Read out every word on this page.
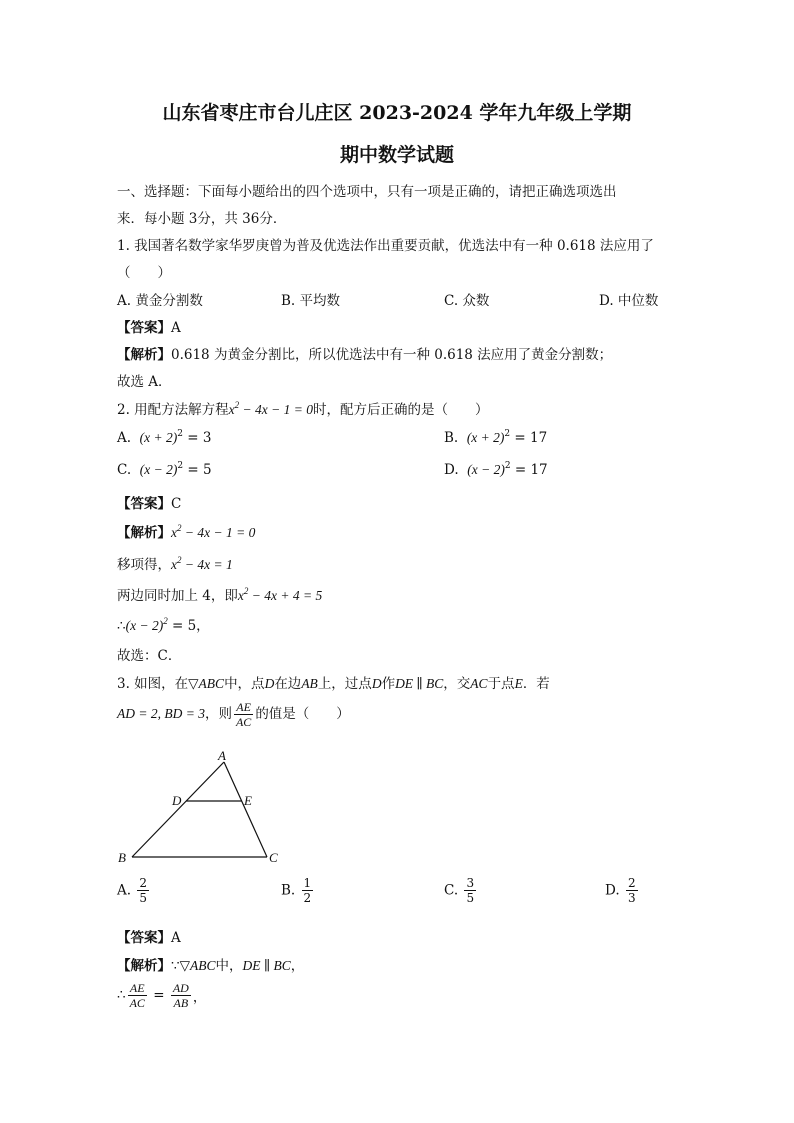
山东省枣庄市台儿庄区 2023-2024 学年九年级上学期
期中数学试题
一、选择题：下面每小题给出的四个选项中，只有一项是正确的，请把正确选项选出
来．每小题 3分，共 36分．
1. 我国著名数学家华罗庚曾为普及优选法作出重要贡献，优选法中有一种 0.618 法应用了
（　　）
A. 黄金分割数	B. 平均数	C. 众数	D. 中位数
【答案】A
【解析】0.618 为黄金分割比，所以优选法中有一种 0.618 法应用了黄金分割数；
故选 A．
2. 用配方法解方程$x^2 - 4x - 1 = 0$时，配方后正确的是（　　）
A. $(x + 2)^2 = 3$	B. $(x + 2)^2 = 17$
C. $(x - 2)^2 = 5$	D. $(x - 2)^2 = 17$
【答案】C
【解析】$x^2 - 4x - 1 = 0$
移项得，$x^2 - 4x = 1$
两边同时加上 4，即$x^2 - 4x + 4 = 5$
∴(x − 2)$^2$ = 5，
故选：C．
3. 如图，在▽ABC中，点D在边AB上，过点D作DE ∥ BC，交AC于点E．若
AD = 2, BD = 3，则 $\frac{AE}{AC}$ 的值是（　　）
A
D	E
B	C
A. $\frac{2}{5}$	B. $\frac{1}{2}$	C. $\frac{3}{5}$	D. $\frac{2}{3}$
【答案】A
【解析】∵▽ABC中，DE ∥ BC，
∴ $\frac{AE}{AC} = \frac{AD}{AB}$ ，
